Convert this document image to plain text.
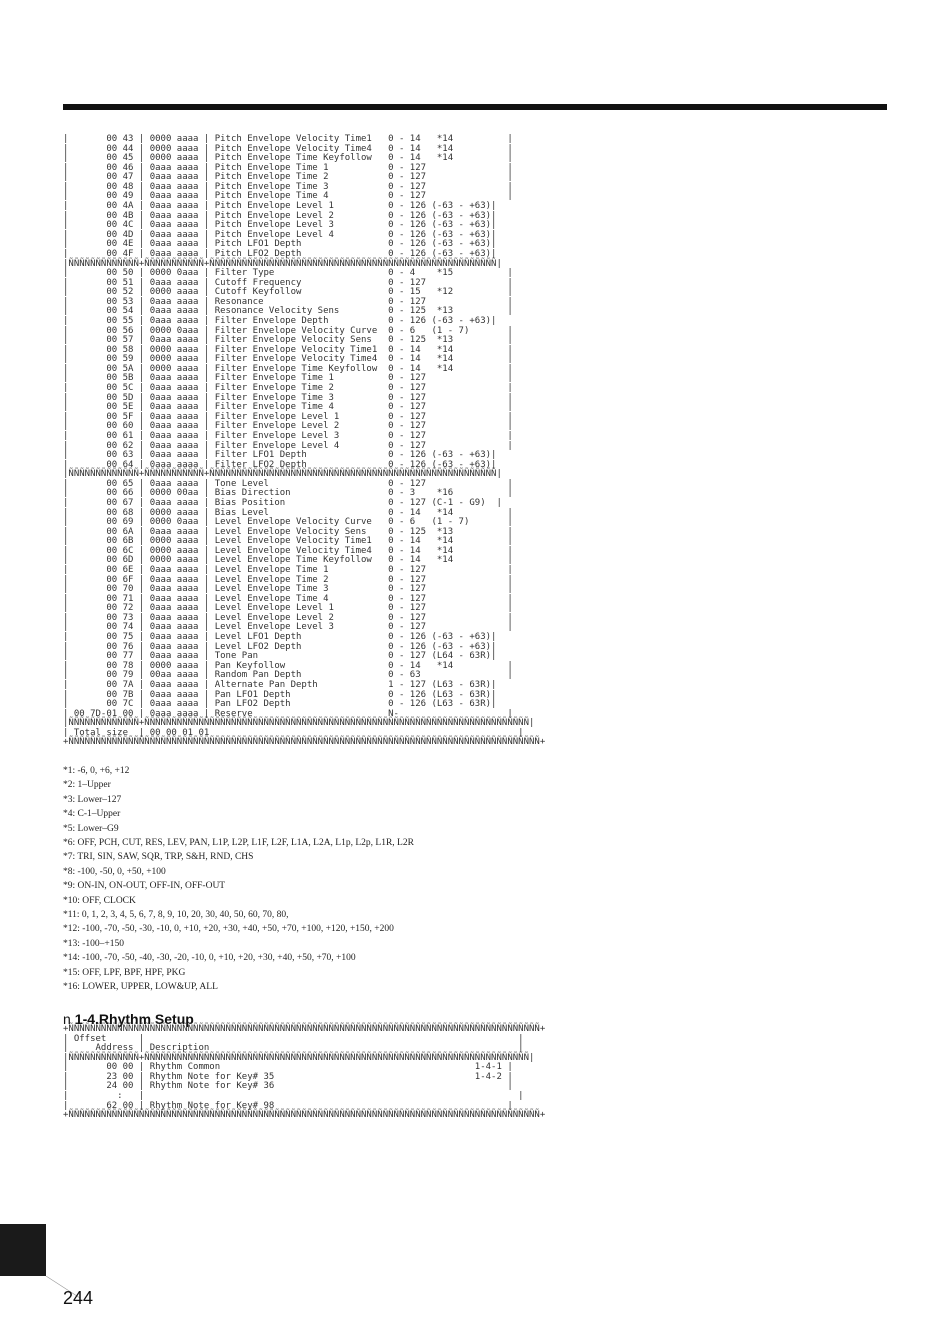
|       00 43 | 0000 aaaa | Pitch Envelope Velocity Time1   0 - 14   *14          |
|       00 44 | 0000 aaaa | Pitch Envelope Velocity Time4   0 - 14   *14          |
|       00 45 | 0000 aaaa | Pitch Envelope Time Keyfollow   0 - 14   *14          |
|       00 46 | 0aaa aaaa | Pitch Envelope Time 1           0 - 127               |
|       00 47 | 0aaa aaaa | Pitch Envelope Time 2           0 - 127               |
|       00 48 | 0aaa aaaa | Pitch Envelope Time 3           0 - 127               |
|       00 49 | 0aaa aaaa | Pitch Envelope Time 4           0 - 127               |
|       00 4A | 0aaa aaaa | Pitch Envelope Level 1          0 - 126 (-63 - +63)|
|       00 4B | 0aaa aaaa | Pitch Envelope Level 2          0 - 126 (-63 - +63)|
|       00 4C | 0aaa aaaa | Pitch Envelope Level 3          0 - 126 (-63 - +63)|
|       00 4D | 0aaa aaaa | Pitch Envelope Level 4          0 - 126 (-63 - +63)|
|       00 4E | 0aaa aaaa | Pitch LFO1 Depth                0 - 126 (-63 - +63)|
|       00 4F | 0aaa aaaa | Pitch LFO2 Depth                0 - 126 (-63 - +63)|
|ÑÑÑÑÑÑÑÑÑÑÑÑÑ+ÑÑÑÑÑÑÑÑÑÑÑ+ÑÑÑÑÑÑÑÑÑÑÑÑÑÑÑÑÑÑÑÑÑÑÑÑÑÑÑÑÑÑÑÑÑÑÑÑÑÑÑÑÑÑÑÑÑÑÑÑÑÑÑÑÑ|
|       00 50 | 0000 0aaa | Filter Type                     0 - 4    *15          |
|       00 51 | 0aaa aaaa | Cutoff Frequency                0 - 127               |
|       00 52 | 0000 aaaa | Cutoff Keyfollow                0 - 15   *12          |
|       00 53 | 0aaa aaaa | Resonance                       0 - 127               |
|       00 54 | 0aaa aaaa | Resonance Velocity Sens         0 - 125  *13          |
|       00 55 | 0aaa aaaa | Filter Envelope Depth           0 - 126 (-63 - +63)|
|       00 56 | 0000 0aaa | Filter Envelope Velocity Curve  0 - 6   (1 - 7)       |
|       00 57 | 0aaa aaaa | Filter Envelope Velocity Sens   0 - 125  *13          |
|       00 58 | 0000 aaaa | Filter Envelope Velocity Time1  0 - 14   *14          |
|       00 59 | 0000 aaaa | Filter Envelope Velocity Time4  0 - 14   *14          |
|       00 5A | 0000 aaaa | Filter Envelope Time Keyfollow  0 - 14   *14          |
|       00 5B | 0aaa aaaa | Filter Envelope Time 1          0 - 127               |
|       00 5C | 0aaa aaaa | Filter Envelope Time 2          0 - 127               |
|       00 5D | 0aaa aaaa | Filter Envelope Time 3          0 - 127               |
|       00 5E | 0aaa aaaa | Filter Envelope Time 4          0 - 127               |
|       00 5F | 0aaa aaaa | Filter Envelope Level 1         0 - 127               |
|       00 60 | 0aaa aaaa | Filter Envelope Level 2         0 - 127               |
|       00 61 | 0aaa aaaa | Filter Envelope Level 3         0 - 127               |
|       00 62 | 0aaa aaaa | Filter Envelope Level 4         0 - 127               |
|       00 63 | 0aaa aaaa | Filter LFO1 Depth               0 - 126 (-63 - +63)|
|       00 64 | 0aaa aaaa | Filter LFO2 Depth               0 - 126 (-63 - +63)|
|ÑÑÑÑÑÑÑÑÑÑÑÑÑ+ÑÑÑÑÑÑÑÑÑÑÑ+ÑÑÑÑÑÑÑÑÑÑÑÑÑÑÑÑÑÑÑÑÑÑÑÑÑÑÑÑÑÑÑÑÑÑÑÑÑÑÑÑÑÑÑÑÑÑÑÑÑÑÑÑÑ|
|       00 65 | 0aaa aaaa | Tone Level                      0 - 127               |
|       00 66 | 0000 00aa | Bias Direction                  0 - 3    *16          |
|       00 67 | 0aaa aaaa | Bias Position                   0 - 127 (C-1 - G9)  |
|       00 68 | 0000 aaaa | Bias Level                      0 - 14   *14          |
|       00 69 | 0000 0aaa | Level Envelope Velocity Curve   0 - 6   (1 - 7)       |
|       00 6A | 0aaa aaaa | Level Envelope Velocity Sens    0 - 125  *13          |
|       00 6B | 0000 aaaa | Level Envelope Velocity Time1   0 - 14   *14          |
|       00 6C | 0000 aaaa | Level Envelope Velocity Time4   0 - 14   *14          |
|       00 6D | 0000 aaaa | Level Envelope Time Keyfollow   0 - 14   *14          |
|       00 6E | 0aaa aaaa | Level Envelope Time 1           0 - 127               |
|       00 6F | 0aaa aaaa | Level Envelope Time 2           0 - 127               |
|       00 70 | 0aaa aaaa | Level Envelope Time 3           0 - 127               |
|       00 71 | 0aaa aaaa | Level Envelope Time 4           0 - 127               |
|       00 72 | 0aaa aaaa | Level Envelope Level 1          0 - 127               |
|       00 73 | 0aaa aaaa | Level Envelope Level 2          0 - 127               |
|       00 74 | 0aaa aaaa | Level Envelope Level 3          0 - 127               |
|       00 75 | 0aaa aaaa | Level LFO1 Depth                0 - 126 (-63 - +63)|
|       00 76 | 0aaa aaaa | Level LFO2 Depth                0 - 126 (-63 - +63)|
|       00 77 | 0aaa aaaa | Tone Pan                        0 - 127 (L64 - 63R)|
|       00 78 | 0000 aaaa | Pan Keyfollow                   0 - 14   *14          |
|       00 79 | 00aa aaaa | Random Pan Depth                0 - 63                |
|       00 7A | 0aaa aaaa | Alternate Pan Depth             1 - 127 (L63 - 63R)|
|       00 7B | 0aaa aaaa | Pan LFO1 Depth                  0 - 126 (L63 - 63R)|
|       00 7C | 0aaa aaaa | Pan LFO2 Depth                  0 - 126 (L63 - 63R)|
| 00 7D-01 00 | 0aaa aaaa | Reserve                         N-                    |
|ÑÑÑÑÑÑÑÑÑÑÑÑÑ+ÑÑÑÑÑÑÑÑÑÑÑÑÑÑÑÑÑÑÑÑÑÑÑÑÑÑÑÑÑÑÑÑÑÑÑÑÑÑÑÑÑÑÑÑÑÑÑÑÑÑÑÑÑÑÑÑÑÑÑÑÑÑÑÑÑÑÑÑÑÑÑ|
| Total size  | 00 00 01 01                                                         |
+ÑÑÑÑÑÑÑÑÑÑÑÑÑÑÑÑÑÑÑÑÑÑÑÑÑÑÑÑÑÑÑÑÑÑÑÑÑÑÑÑÑÑÑÑÑÑÑÑÑÑÑÑÑÑÑÑÑÑÑÑÑÑÑÑÑÑÑÑÑÑÑÑÑÑÑÑÑÑÑÑÑÑÑÑÑÑÑ+
*1: -6, 0, +6, +12
*2: 1–Upper
*3: Lower–127
*4: C-1–Upper
*5: Lower–G9
*6: OFF, PCH, CUT, RES, LEV, PAN, L1P, L2P, L1F, L2F, L1A, L2A, L1p, L2p, L1R, L2R
*7: TRI, SIN, SAW, SQR, TRP, S&H, RND, CHS
*8: -100, -50, 0, +50, +100
*9: ON-IN, ON-OUT, OFF-IN, OFF-OUT
*10: OFF, CLOCK
*11: 0, 1, 2, 3, 4, 5, 6, 7, 8, 9, 10, 20, 30, 40, 50, 60, 70, 80,
*12: -100, -70, -50, -30, -10, 0, +10, +20, +30, +40, +50, +70, +100, +120, +150, +200
*13: -100–+150
*14: -100, -70, -50, -40, -30, -20, -10, 0, +10, +20, +30, +40, +50, +70, +100
*15: OFF, LPF, BPF, HPF, PKG
*16: LOWER, UPPER, LOW&UP, ALL
n 1-4.Rhythm Setup
+ÑÑÑÑÑÑÑÑÑÑÑÑÑÑÑÑÑÑÑÑÑÑÑÑÑÑÑÑÑÑÑÑÑÑÑÑÑÑÑÑÑÑÑÑÑÑÑÑÑÑÑÑÑÑÑÑÑÑÑÑÑÑÑÑÑÑÑÑÑÑÑÑÑÑÑÑÑÑÑÑÑÑÑÑÑÑÑ+
| Offset      |                                                                     |
|     Address | Description                                                         |
|ÑÑÑÑÑÑÑÑÑÑÑÑÑ+ÑÑÑÑÑÑÑÑÑÑÑÑÑÑÑÑÑÑÑÑÑÑÑÑÑÑÑÑÑÑÑÑÑÑÑÑÑÑÑÑÑÑÑÑÑÑÑÑÑÑÑÑÑÑÑÑÑÑÑÑÑÑÑÑÑÑÑÑÑÑÑ|
|       00 00 | Rhythm Common                                               1-4-1 |
|       23 00 | Rhythm Note for Key# 35                                     1-4-2 |
|       24 00 | Rhythm Note for Key# 36                                           |
|         :   |                                                                     |
|       62 00 | Rhythm Note for Key# 98                                           |
+ÑÑÑÑÑÑÑÑÑÑÑÑÑÑÑÑÑÑÑÑÑÑÑÑÑÑÑÑÑÑÑÑÑÑÑÑÑÑÑÑÑÑÑÑÑÑÑÑÑÑÑÑÑÑÑÑÑÑÑÑÑÑÑÑÑÑÑÑÑÑÑÑÑÑÑÑÑÑÑÑÑÑÑÑÑÑÑ+
244
